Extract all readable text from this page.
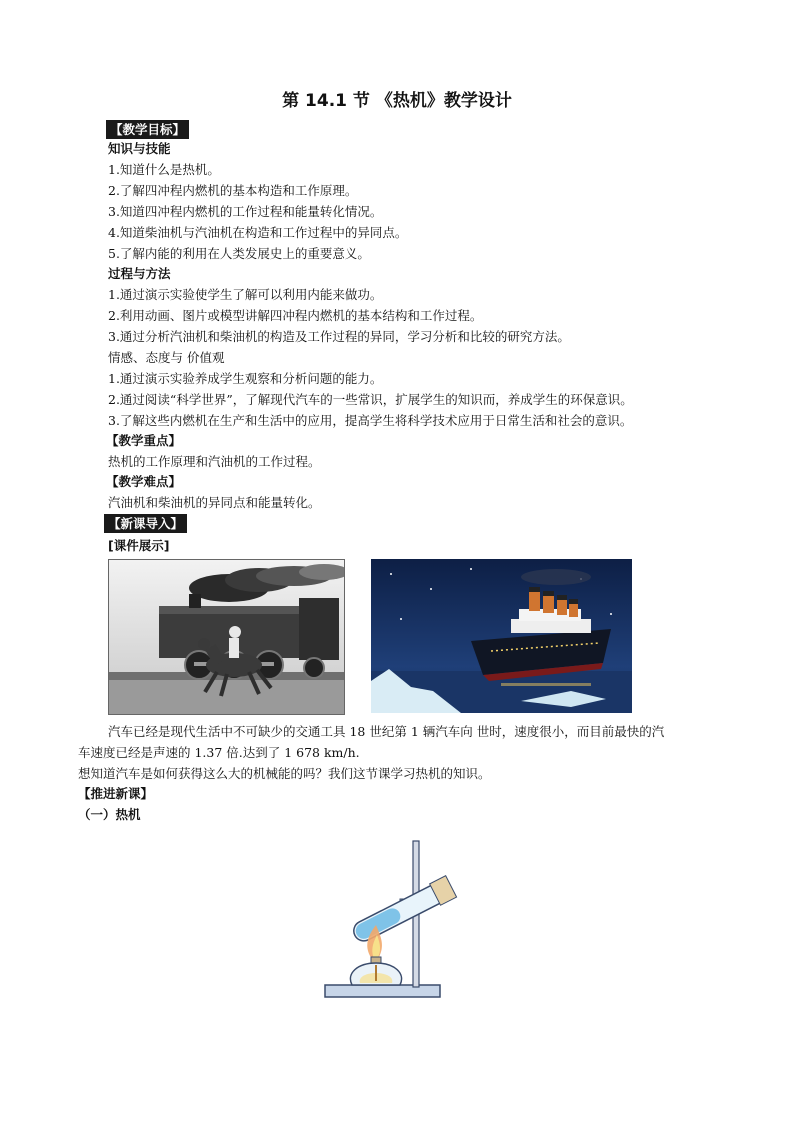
第 14.1 节 《热机》教学设计
【教学目标】
知识与技能
1.知道什么是热机。
2.了解四冲程内燃机的基本构造和工作原理。
3.知道四冲程内燃机的工作过程和能量转化情况。
4.知道柴油机与汽油机在构造和工作过程中的异同点。
5.了解内能的利用在人类发展史上的重要意义。
过程与方法
1.通过演示实验使学生了解可以利用内能来做功。
2.利用动画、图片或模型讲解四冲程内燃机的基本结构和工作过程。
3.通过分析汽油机和柴油机的构造及工作过程的异同，学习分析和比较的研究方法。
情感、态度与 价值观
1.通过演示实验养成学生观察和分析问题的能力。
2.通过阅读“科学世界”，了解现代汽车的一些常识，扩展学生的知识而，养成学生的环保意识。
3.了解这些内燃机在生产和生活中的应用，提高学生将科学技术应用于日常生活和社会的意识。
【教学重点】
热机的工作原理和汽油机的工作过程。
【教学难点】
汽油机和柴油机的异同点和能量转化。
【新课导入】
[课件展示]
汽车已经是现代生活中不可缺少的交通工具 18 世纪第 1 辆汽车向 世时，速度很小，而目前最快的汽
车速度已经是声速的 1.37 倍.达到了 1 678 km/h.
想知道汽车是如何获得这么大的机械能的吗？我们这节课学习热机的知识。
【推进新课】
（一）热机
